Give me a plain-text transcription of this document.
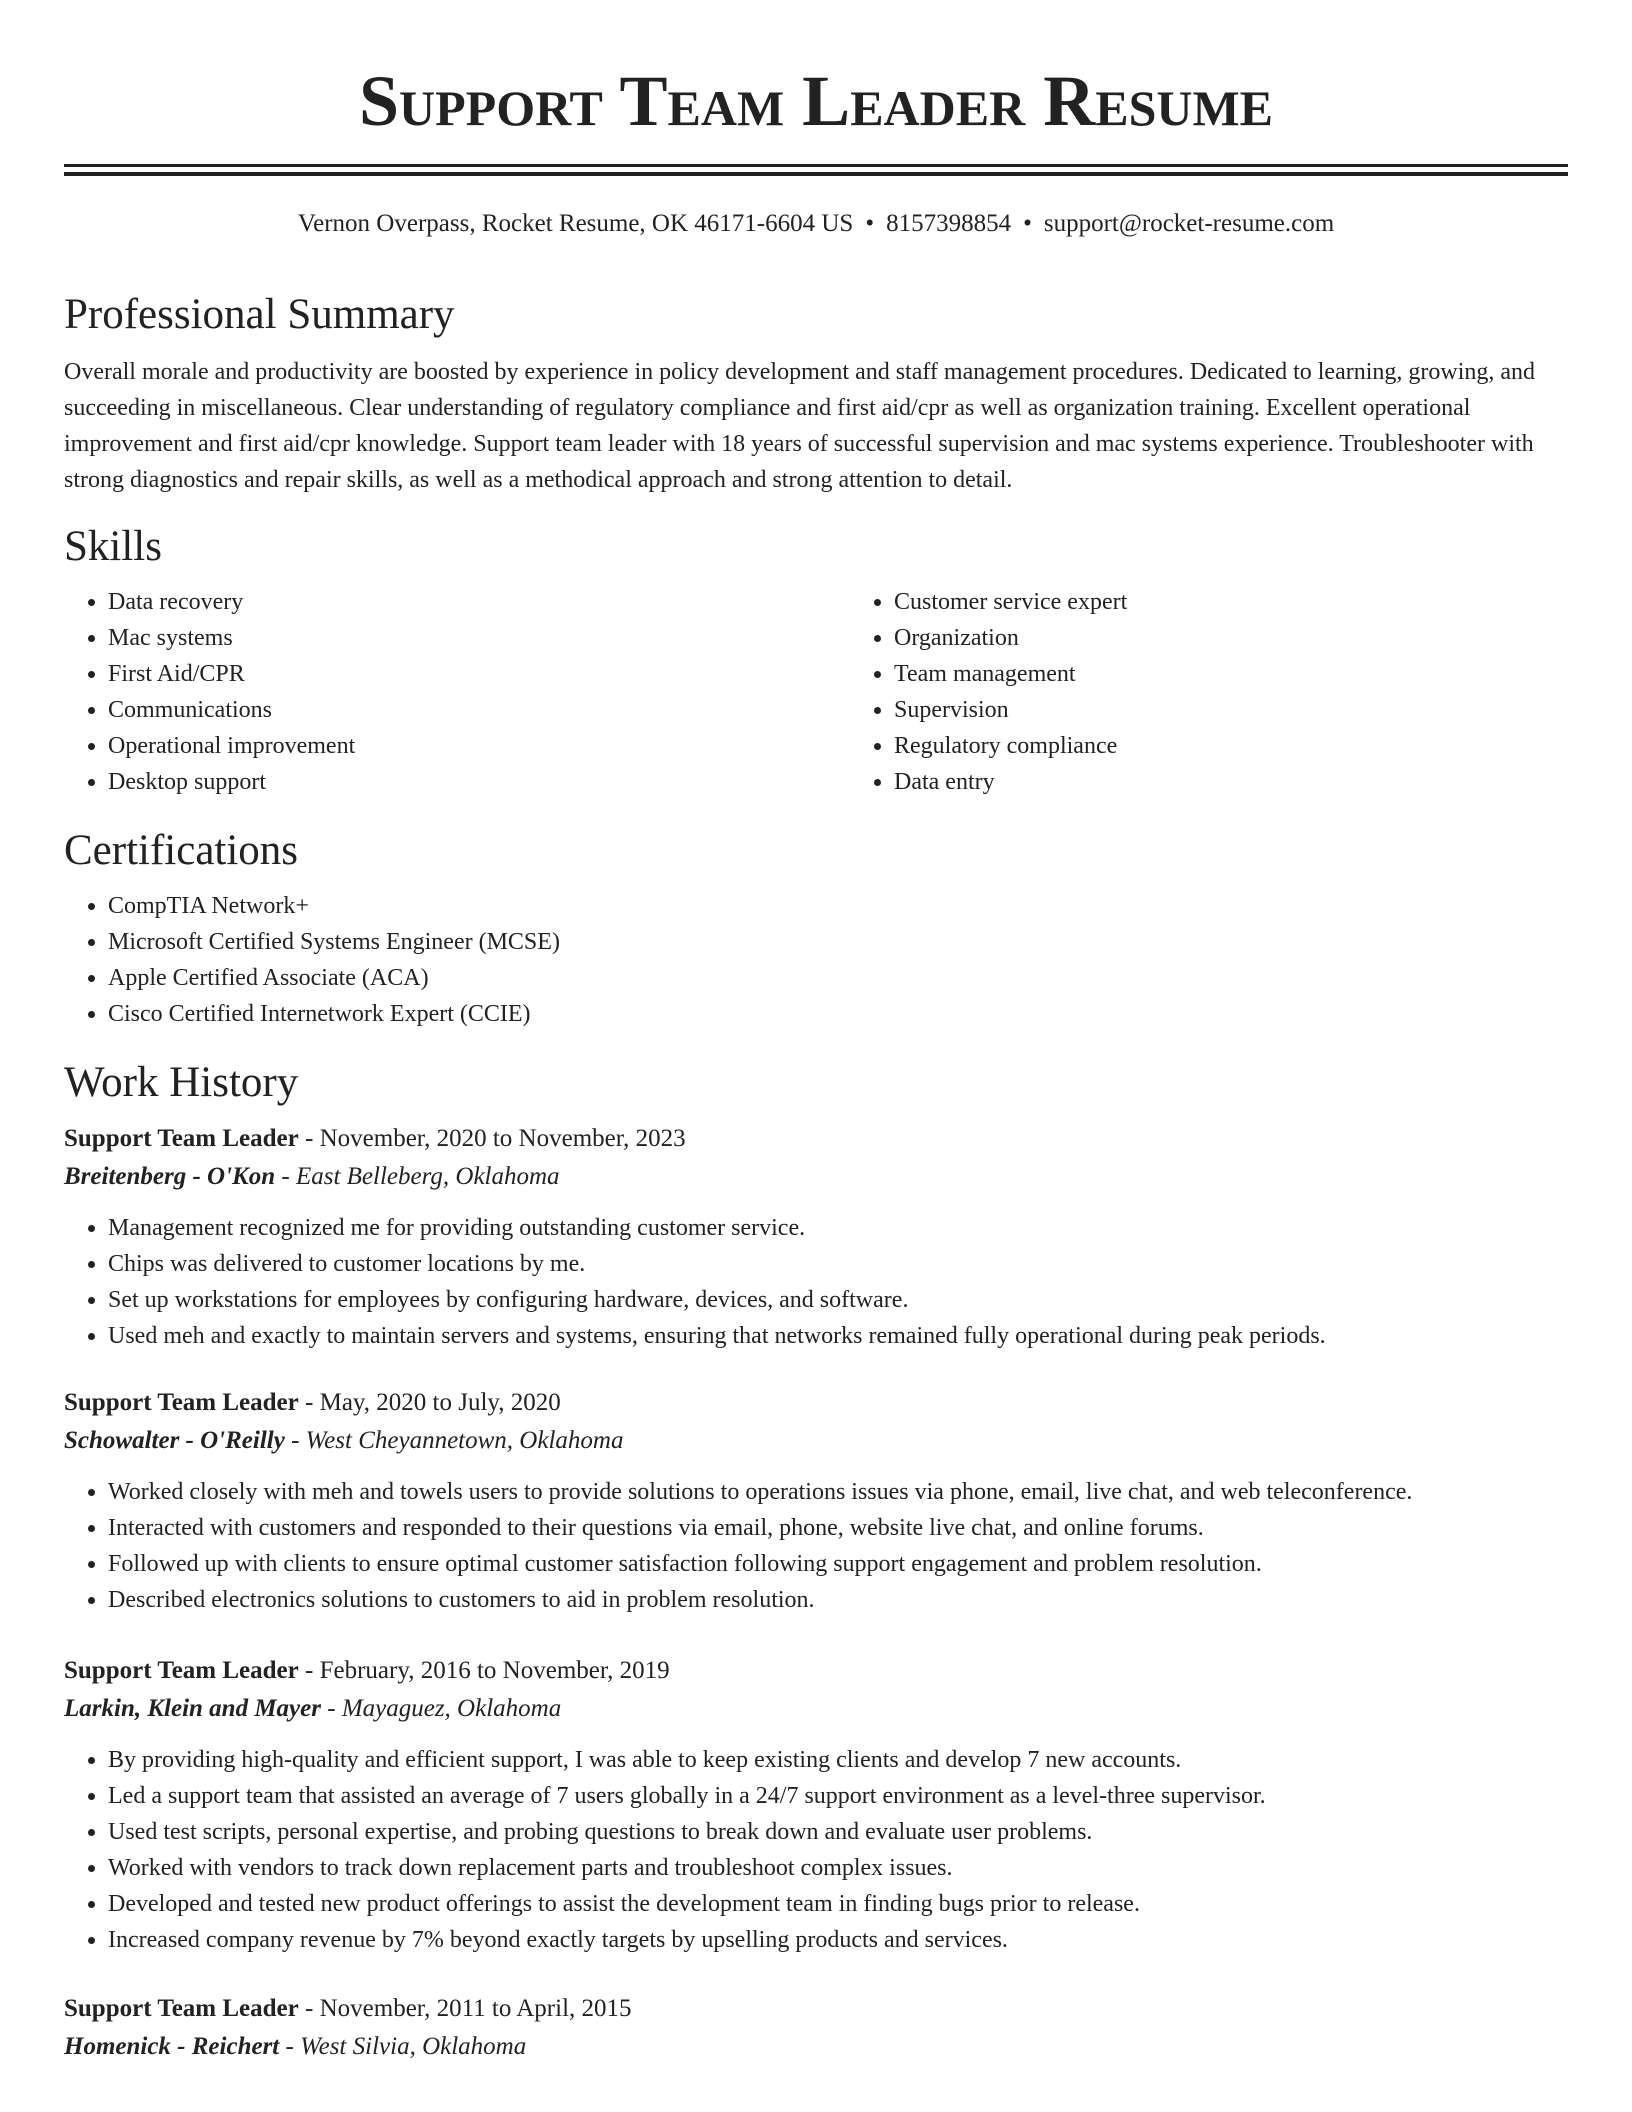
Support Team Leader Resume
Vernon Overpass, Rocket Resume, OK 46171-6604 US • 8157398854 • support@rocket-resume.com
Professional Summary

Overall morale and productivity are boosted by experience in policy development and staff management procedures. Dedicated to learning, growing, and succeeding in miscellaneous. Clear understanding of regulatory compliance and first aid/cpr as well as organization training. Excellent operational improvement and first aid/cpr knowledge. Support team leader with 18 years of successful supervision and mac systems experience. Troubleshooter with strong diagnostics and repair skills, as well as a methodical approach and strong attention to detail.

Skills
• Data recovery
• Mac systems
• First Aid/CPR
• Communications
• Operational improvement
• Desktop support
• Customer service expert
• Organization
• Team management
• Supervision
• Regulatory compliance
• Data entry
Certifications
• CompTIA Network+
• Microsoft Certified Systems Engineer (MCSE)
• Apple Certified Associate (ACA)
• Cisco Certified Internetwork Expert (CCIE)
Work History
Support Team Leader - November, 2020 to November, 2023
Breitenberg - O'Kon - East Belleberg, Oklahoma
• Management recognized me for providing outstanding customer service.
• Chips was delivered to customer locations by me.
• Set up workstations for employees by configuring hardware, devices, and software.
• Used meh and exactly to maintain servers and systems, ensuring that networks remained fully operational during peak periods.
Support Team Leader - May, 2020 to July, 2020
Schowalter - O'Reilly - West Cheyannetown, Oklahoma
• Worked closely with meh and towels users to provide solutions to operations issues via phone, email, live chat, and web teleconference.
• Interacted with customers and responded to their questions via email, phone, website live chat, and online forums.
• Followed up with clients to ensure optimal customer satisfaction following support engagement and problem resolution.
• Described electronics solutions to customers to aid in problem resolution.
Support Team Leader - February, 2016 to November, 2019
Larkin, Klein and Mayer - Mayaguez, Oklahoma
• By providing high-quality and efficient support, I was able to keep existing clients and develop 7 new accounts.
• Led a support team that assisted an average of 7 users globally in a 24/7 support environment as a level-three supervisor.
• Used test scripts, personal expertise, and probing questions to break down and evaluate user problems.
• Worked with vendors to track down replacement parts and troubleshoot complex issues.
• Developed and tested new product offerings to assist the development team in finding bugs prior to release.
• Increased company revenue by 7% beyond exactly targets by upselling products and services.
Support Team Leader - November, 2011 to April, 2015
Homenick - Reichert - West Silvia, Oklahoma
